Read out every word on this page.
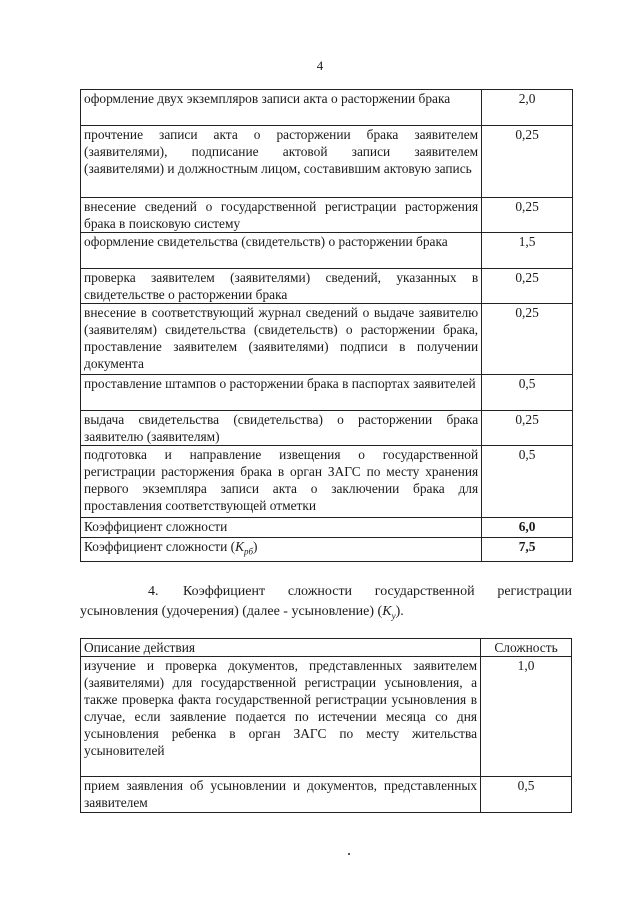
4
оформление двух экземпляров записи акта о расторжении брака	2,0
прочтение записи акта о расторжении брака заявителем (заявителями), подписание актовой записи заявителем (заявителями) и должностным лицом, составившим актовую запись	0,25
внесение сведений о государственной регистрации расторжения брака в поисковую систему	0,25
оформление свидетельства (свидетельств) о расторжении брака	1,5
проверка заявителем (заявителями) сведений, указанных в свидетельстве о расторжении брака	0,25
внесение в соответствующий журнал сведений о выдаче заявителю (заявителям) свидетельства (свидетельств) о расторжении брака, проставление заявителем (заявителями) подписи в получении документа	0,25
проставление штампов о расторжении брака в паспортах заявителей	0,5
выдача свидетельства (свидетельства) о расторжении брака заявителю (заявителям)	0,25
подготовка и направление извещения о государственной регистрации расторжения брака в орган ЗАГС по месту хранения первого экземпляра записи акта о заключении брака для проставления соответствующей отметки	0,5
Коэффициент сложности	6,0
Коэффициент сложности $(K_{рб})$	7,5
4. Коэффициент сложности государственной регистрации усыновления (удочерения) (далее - усыновление) $(K_у)$.
Описание действия	Сложность
изучение и проверка документов, представленных заявителем (заявителями) для государственной регистрации усыновления, а также проверка факта государственной регистрации усыновления в случае, если заявление подается по истечении месяца со дня усыновления ребенка в орган ЗАГС по месту жительства усыновителей	1,0
прием заявления об усыновлении и документов, представленных заявителем	0,5
